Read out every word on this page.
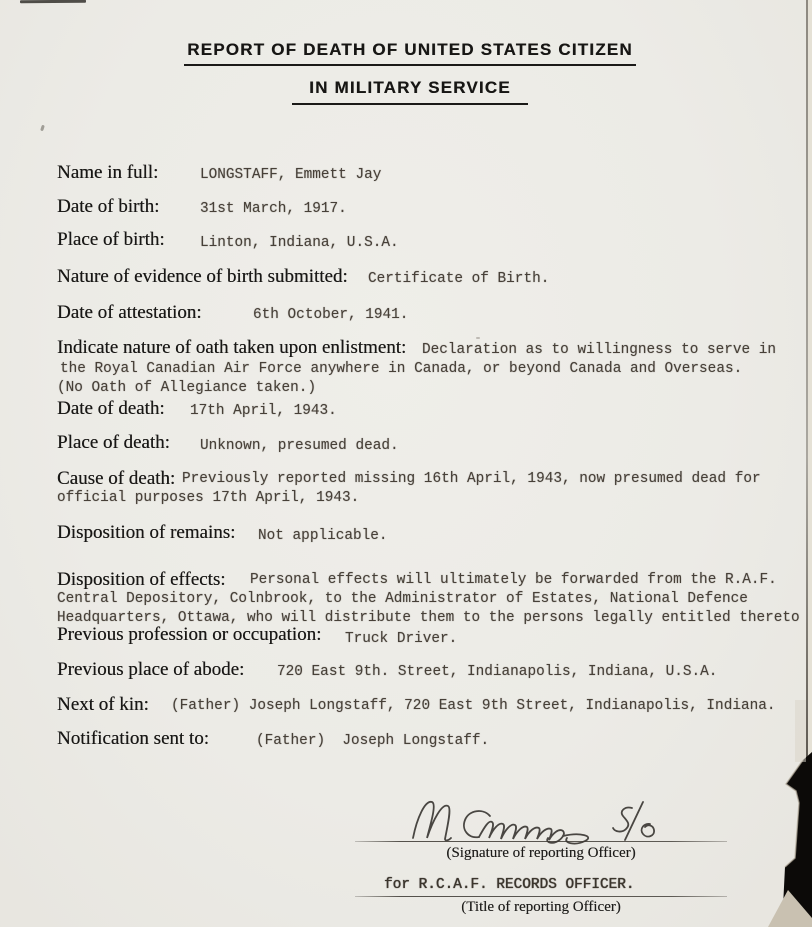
REPORT OF DEATH OF UNITED STATES CITIZEN

IN MILITARY SERVICE

Name in full:	LONGSTAFF, Emmett Jay
Date of birth:	31st March, 1917.
Place of birth: Linton, Indiana, U.S.A.
Nature of evidence of birth submitted: Certificate of Birth.
Date of attestation:	6th October, 1941.
Indicate nature of oath taken upon enlistment: Declaration as to willingness to serve in
the Royal Canadian Air Force anywhere in Canada, or beyond Canada and Overseas.
(No Oath of Allegiance taken.)
Date of death: 17th April, 1943.
Place of death: Unknown, presumed dead.
Cause of death: Previously reported missing 16th April, 1943, now presumed dead for
official purposes 17th April, 1943.
Disposition of remains: Not applicable.
Disposition of effects: Personal effects will ultimately be forwarded from the R.A.F.
Central Depository, Colnbrook, to the Administrator of Estates, National Defence
Headquarters, Ottawa, who will distribute them to the persons legally entitled thereto
Previous profession or occupation: Truck Driver.
Previous place of abode: 720 East 9th. Street, Indianapolis, Indiana, U.S.A.
Next of kin: (Father) Joseph Longstaff, 720 East 9th Street, Indianapolis, Indiana.
Notification sent to:	(Father)  Joseph Longstaff.
(Signature of reporting Officer)
for R.C.A.F. RECORDS OFFICER.
(Title of reporting Officer)
